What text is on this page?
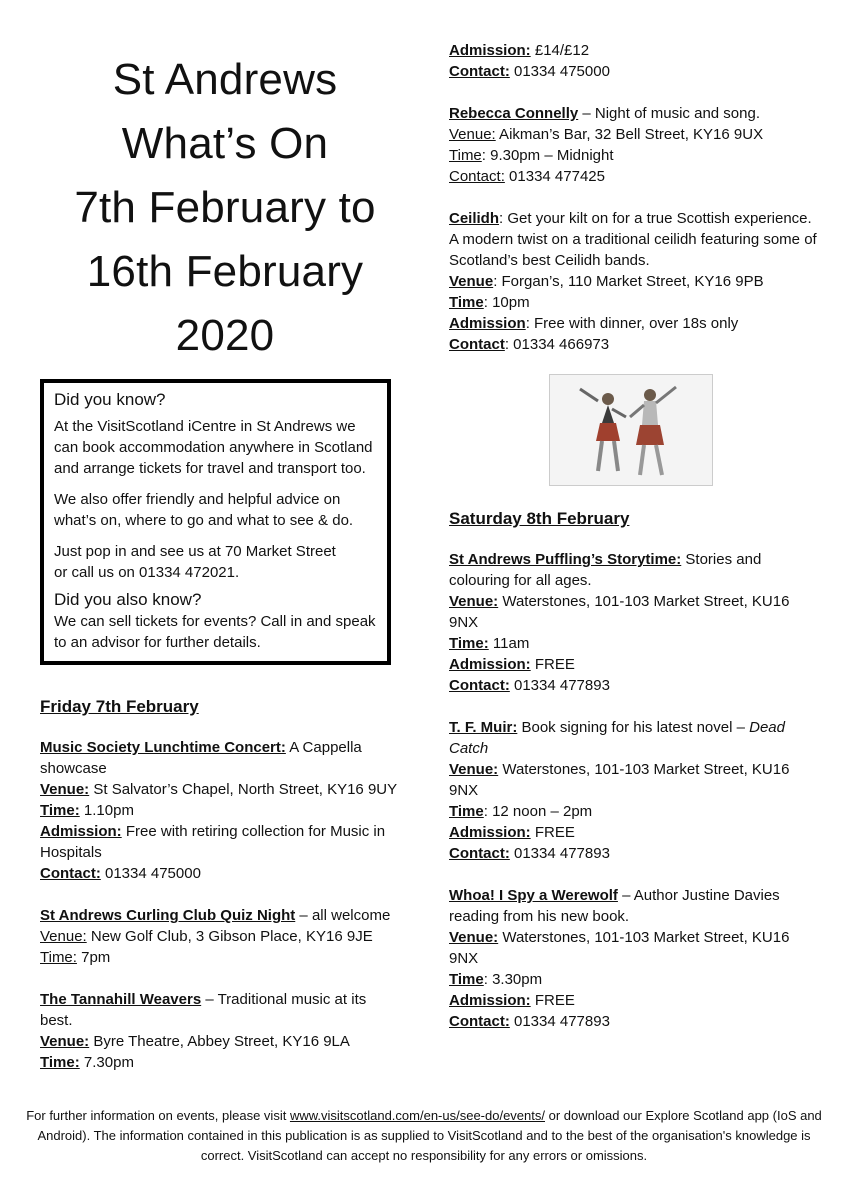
St Andrews
What’s On
7th February to
16th February
2020
Did you know?

At the VisitScotland iCentre in St Andrews we can book accommodation anywhere in Scotland and arrange tickets for travel and transport too.

We also offer friendly and helpful advice on what’s on, where to go and what to see & do.

Just pop in and see us at 70 Market Street
or call us on 01334 472021.

Did you also know?

We can sell tickets for events? Call in and speak to an advisor for further details.

Friday 7th February
Music Society Lunchtime Concert: A Cappella showcase
Venue: St Salvator’s Chapel, North Street, KY16 9UY
Time: 1.10pm
Admission: Free with retiring collection for Music in Hospitals
Contact: 01334 475000
St Andrews Curling Club Quiz Night – all welcome
Venue: New Golf Club, 3 Gibson Place, KY16 9JE
Time: 7pm
The Tannahill Weavers – Traditional music at its best.
Venue: Byre Theatre, Abbey Street, KY16 9LA
Time: 7.30pm
Admission: £14/£12
Contact: 01334 475000
Rebecca Connelly – Night of music and song.
Venue: Aikman’s Bar, 32 Bell Street, KY16 9UX
Time: 9.30pm – Midnight
Contact: 01334 477425
Ceilidh: Get your kilt on for a true Scottish experience. A modern twist on a traditional ceilidh featuring some of Scotland’s best Ceilidh bands.
Venue: Forgan’s, 110 Market Street, KY16 9PB
Time: 10pm
Admission: Free with dinner, over 18s only
Contact: 01334 466973
Saturday 8th February
St Andrews Puffling’s Storytime: Stories and colouring for all ages.
Venue: Waterstones, 101-103 Market Street, KU16 9NX
Time: 11am
Admission: FREE
Contact: 01334 477893
T. F. Muir: Book signing for his latest novel – Dead Catch
Venue: Waterstones, 101-103 Market Street, KU16 9NX
Time: 12 noon – 2pm
Admission: FREE
Contact: 01334 477893
Whoa! I Spy a Werewolf – Author Justine Davies reading from his new book.
Venue: Waterstones, 101-103 Market Street, KU16 9NX
Time: 3.30pm
Admission: FREE
Contact: 01334 477893
For further information on events, please visit www.visitscotland.com/en-us/see-do/events/ or download our Explore Scotland app (IoS and Android). The information contained in this publication is as supplied to VisitScotland and to the best of the organisation's knowledge is correct. VisitScotland can accept no responsibility for any errors or omissions.
